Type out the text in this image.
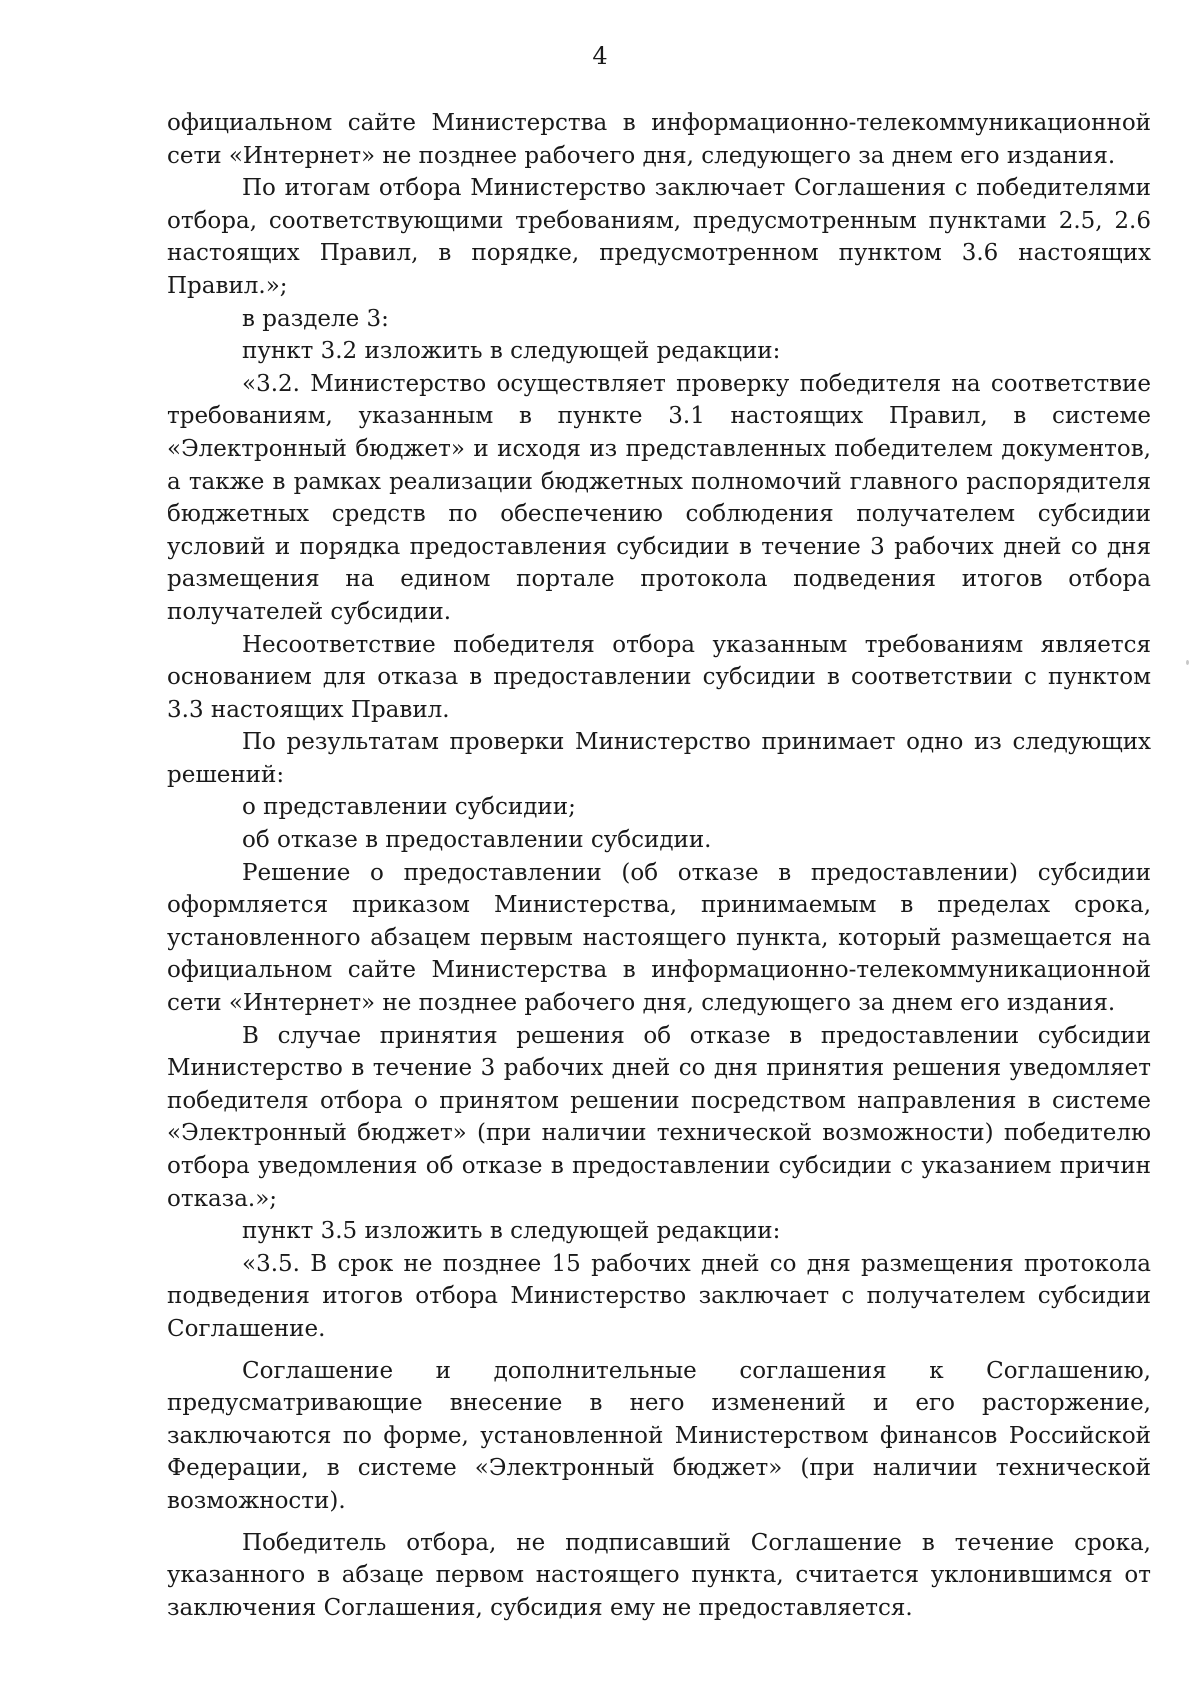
4

официальном сайте Министерства в информационно-телекоммуникационной сети «Интернет» не позднее рабочего дня, следующего за днем его издания.

По итогам отбора Министерство заключает Соглашения с победителями отбора, соответствующими требованиям, предусмотренным пунктами 2.5, 2.6 настоящих Правил, в порядке, предусмотренном пунктом 3.6 настоящих Правил.»;

в разделе 3:

пункт 3.2 изложить в следующей редакции:

«3.2. Министерство осуществляет проверку победителя на соответствие требованиям, указанным в пункте 3.1 настоящих Правил, в системе «Электронный бюджет» и исходя из представленных победителем документов, а также в рамках реализации бюджетных полномочий главного распорядителя бюджетных средств по обеспечению соблюдения получателем субсидии условий и порядка предоставления субсидии в течение 3 рабочих дней со дня размещения на едином портале протокола подведения итогов отбора получателей субсидии.

Несоответствие победителя отбора указанным требованиям является основанием для отказа в предоставлении субсидии в соответствии с пунктом 3.3 настоящих Правил.

По результатам проверки Министерство принимает одно из следующих решений:

о представлении субсидии;

об отказе в предоставлении субсидии.

Решение о предоставлении (об отказе в предоставлении) субсидии оформляется приказом Министерства, принимаемым в пределах срока, установленного абзацем первым настоящего пункта, который размещается на официальном сайте Министерства в информационно-телекоммуникационной сети «Интернет» не позднее рабочего дня, следующего за днем его издания.

В случае принятия решения об отказе в предоставлении субсидии Министерство в течение 3 рабочих дней со дня принятия решения уведомляет победителя отбора о принятом решении посредством направления в системе «Электронный бюджет» (при наличии технической возможности) победителю отбора уведомления об отказе в предоставлении субсидии с указанием причин отказа.»;

пункт 3.5 изложить в следующей редакции:

«3.5. В срок не позднее 15 рабочих дней со дня размещения протокола подведения итогов отбора Министерство заключает с получателем субсидии Соглашение.

Соглашение и дополнительные соглашения к Соглашению, предусматривающие внесение в него изменений и его расторжение, заключаются по форме, установленной Министерством финансов Российской Федерации, в системе «Электронный бюджет» (при наличии технической возможности).

Победитель отбора, не подписавший Соглашение в течение срока, указанного в абзаце первом настоящего пункта, считается уклонившимся от заключения Соглашения, субсидия ему не предоставляется.
